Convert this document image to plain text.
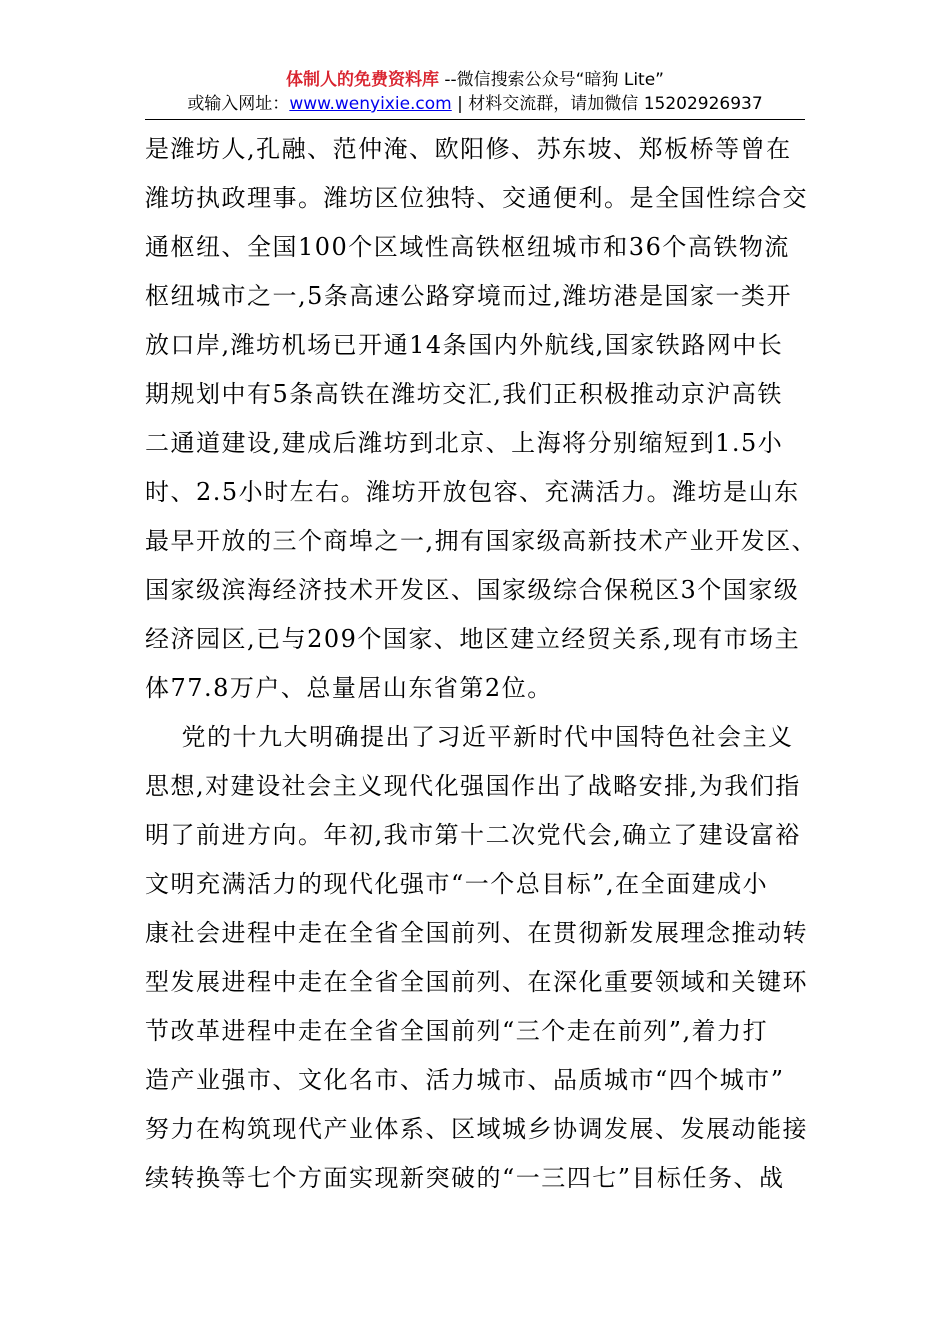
体制人的免费资料库 --微信搜索公众号“暗狗 Lite”
或输入网址：www.wenyixie.com | 材料交流群，请加微信 15202926937
是潍坊人,孔融、范仲淹、欧阳修、苏东坡、郑板桥等曾在
潍坊执政理事。潍坊区位独特、交通便利。是全国性综合交
通枢纽、全国100个区域性高铁枢纽城市和36个高铁物流
枢纽城市之一,5条高速公路穿境而过,潍坊港是国家一类开
放口岸,潍坊机场已开通14条国内外航线,国家铁路网中长
期规划中有5条高铁在潍坊交汇,我们正积极推动京沪高铁
二通道建设,建成后潍坊到北京、上海将分别缩短到1.5小
时、2.5小时左右。潍坊开放包容、充满活力。潍坊是山东
最早开放的三个商埠之一,拥有国家级高新技术产业开发区、
国家级滨海经济技术开发区、国家级综合保税区3个国家级
经济园区,已与209个国家、地区建立经贸关系,现有市场主
体77.8万户、总量居山东省第2位。
党的十九大明确提出了习近平新时代中国特色社会主义
思想,对建设社会主义现代化强国作出了战略安排,为我们指
明了前进方向。年初,我市第十二次党代会,确立了建设富裕
文明充满活力的现代化强市“一个总目标”,在全面建成小
康社会进程中走在全省全国前列、在贯彻新发展理念推动转
型发展进程中走在全省全国前列、在深化重要领域和关键环
节改革进程中走在全省全国前列“三个走在前列”,着力打
造产业强市、文化名市、活力城市、品质城市“四个城市”
努力在构筑现代产业体系、区域城乡协调发展、发展动能接
续转换等七个方面实现新突破的“一三四七”目标任务、战
